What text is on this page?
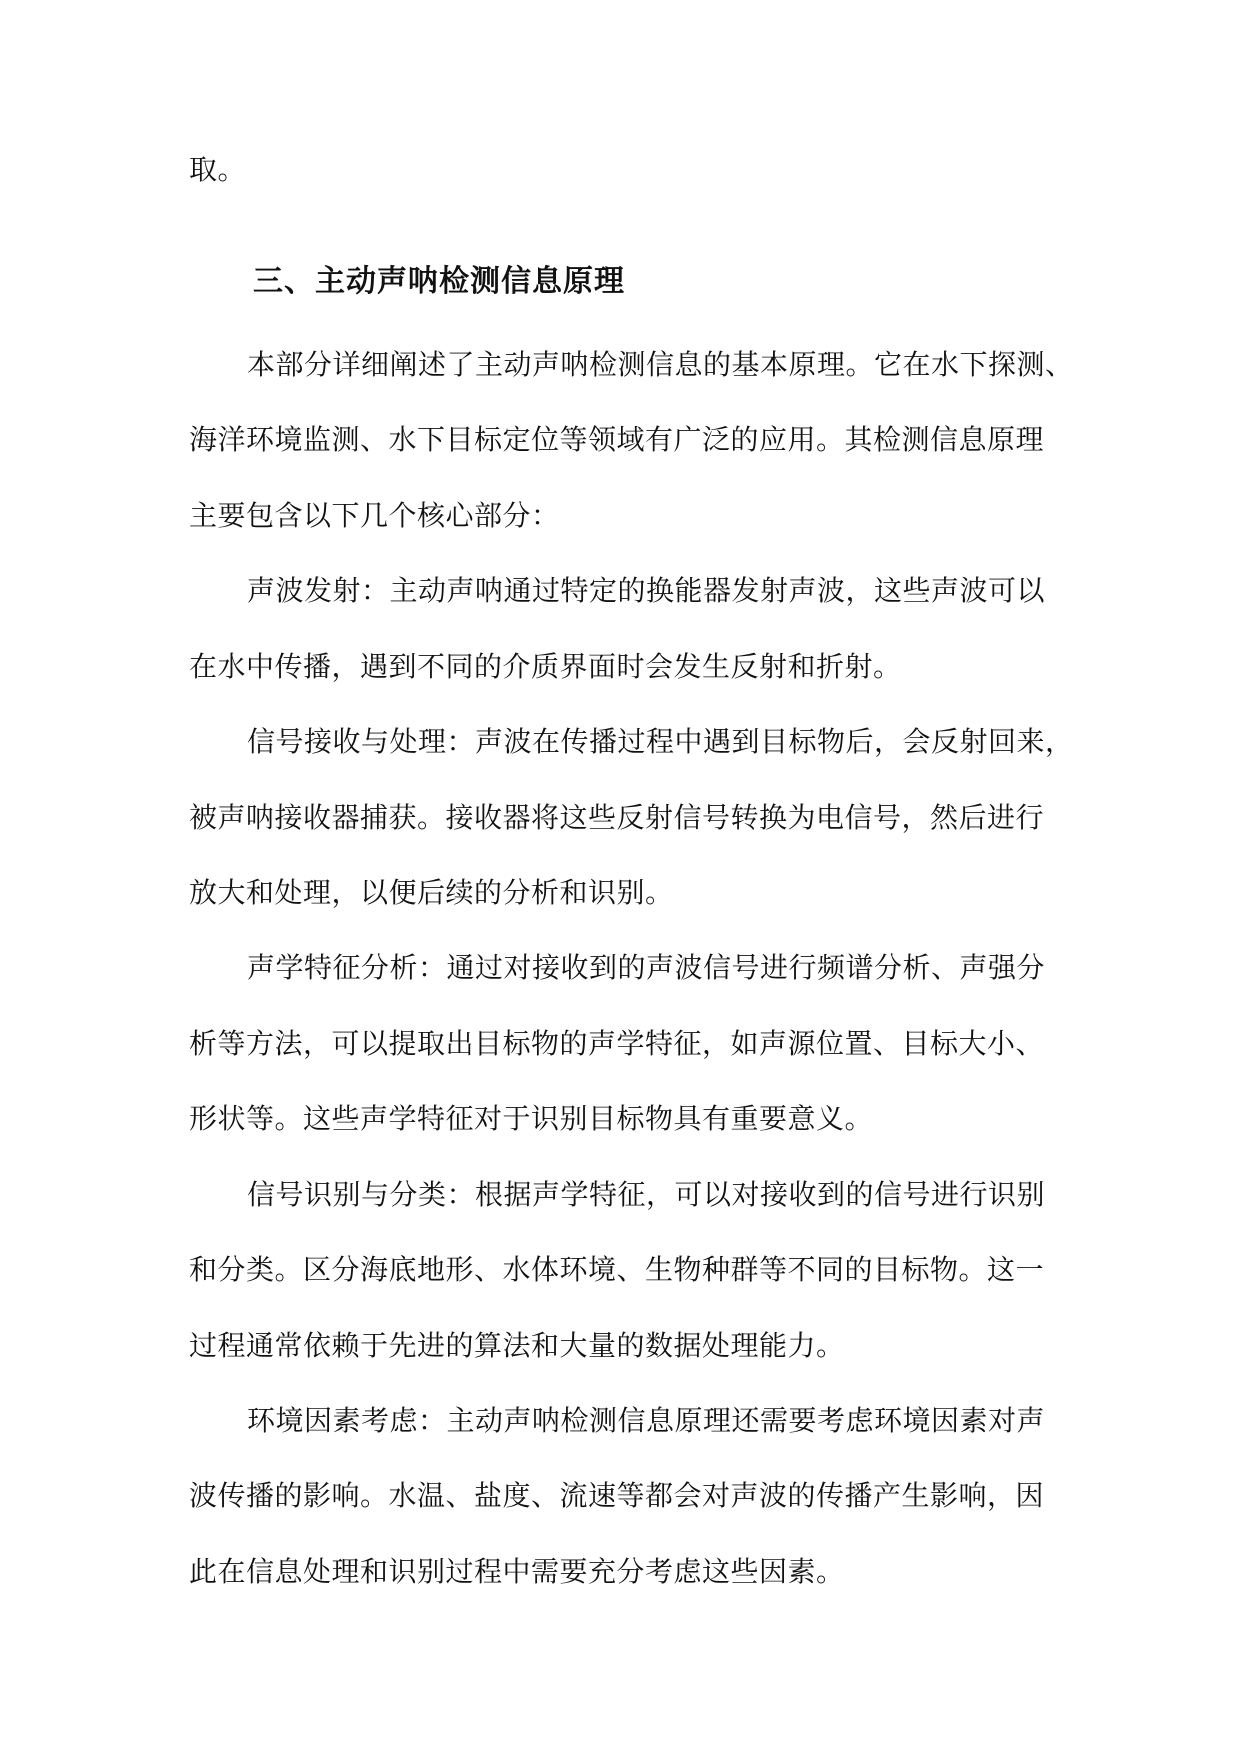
取。
三、主动声呐检测信息原理
本部分详细阐述了主动声呐检测信息的基本原理。它在水下探测、
海洋环境监测、水下目标定位等领域有广泛的应用。其检测信息原理
主要包含以下几个核心部分：
声波发射：主动声呐通过特定的换能器发射声波，这些声波可以
在水中传播，遇到不同的介质界面时会发生反射和折射。
信号接收与处理：声波在传播过程中遇到目标物后，会反射回来，
被声呐接收器捕获。接收器将这些反射信号转换为电信号，然后进行
放大和处理，以便后续的分析和识别。
声学特征分析：通过对接收到的声波信号进行频谱分析、声强分
析等方法，可以提取出目标物的声学特征，如声源位置、目标大小、
形状等。这些声学特征对于识别目标物具有重要意义。
信号识别与分类：根据声学特征，可以对接收到的信号进行识别
和分类。区分海底地形、水体环境、生物种群等不同的目标物。这一
过程通常依赖于先进的算法和大量的数据处理能力。
环境因素考虑：主动声呐检测信息原理还需要考虑环境因素对声
波传播的影响。水温、盐度、流速等都会对声波的传播产生影响，因
此在信息处理和识别过程中需要充分考虑这些因素。
